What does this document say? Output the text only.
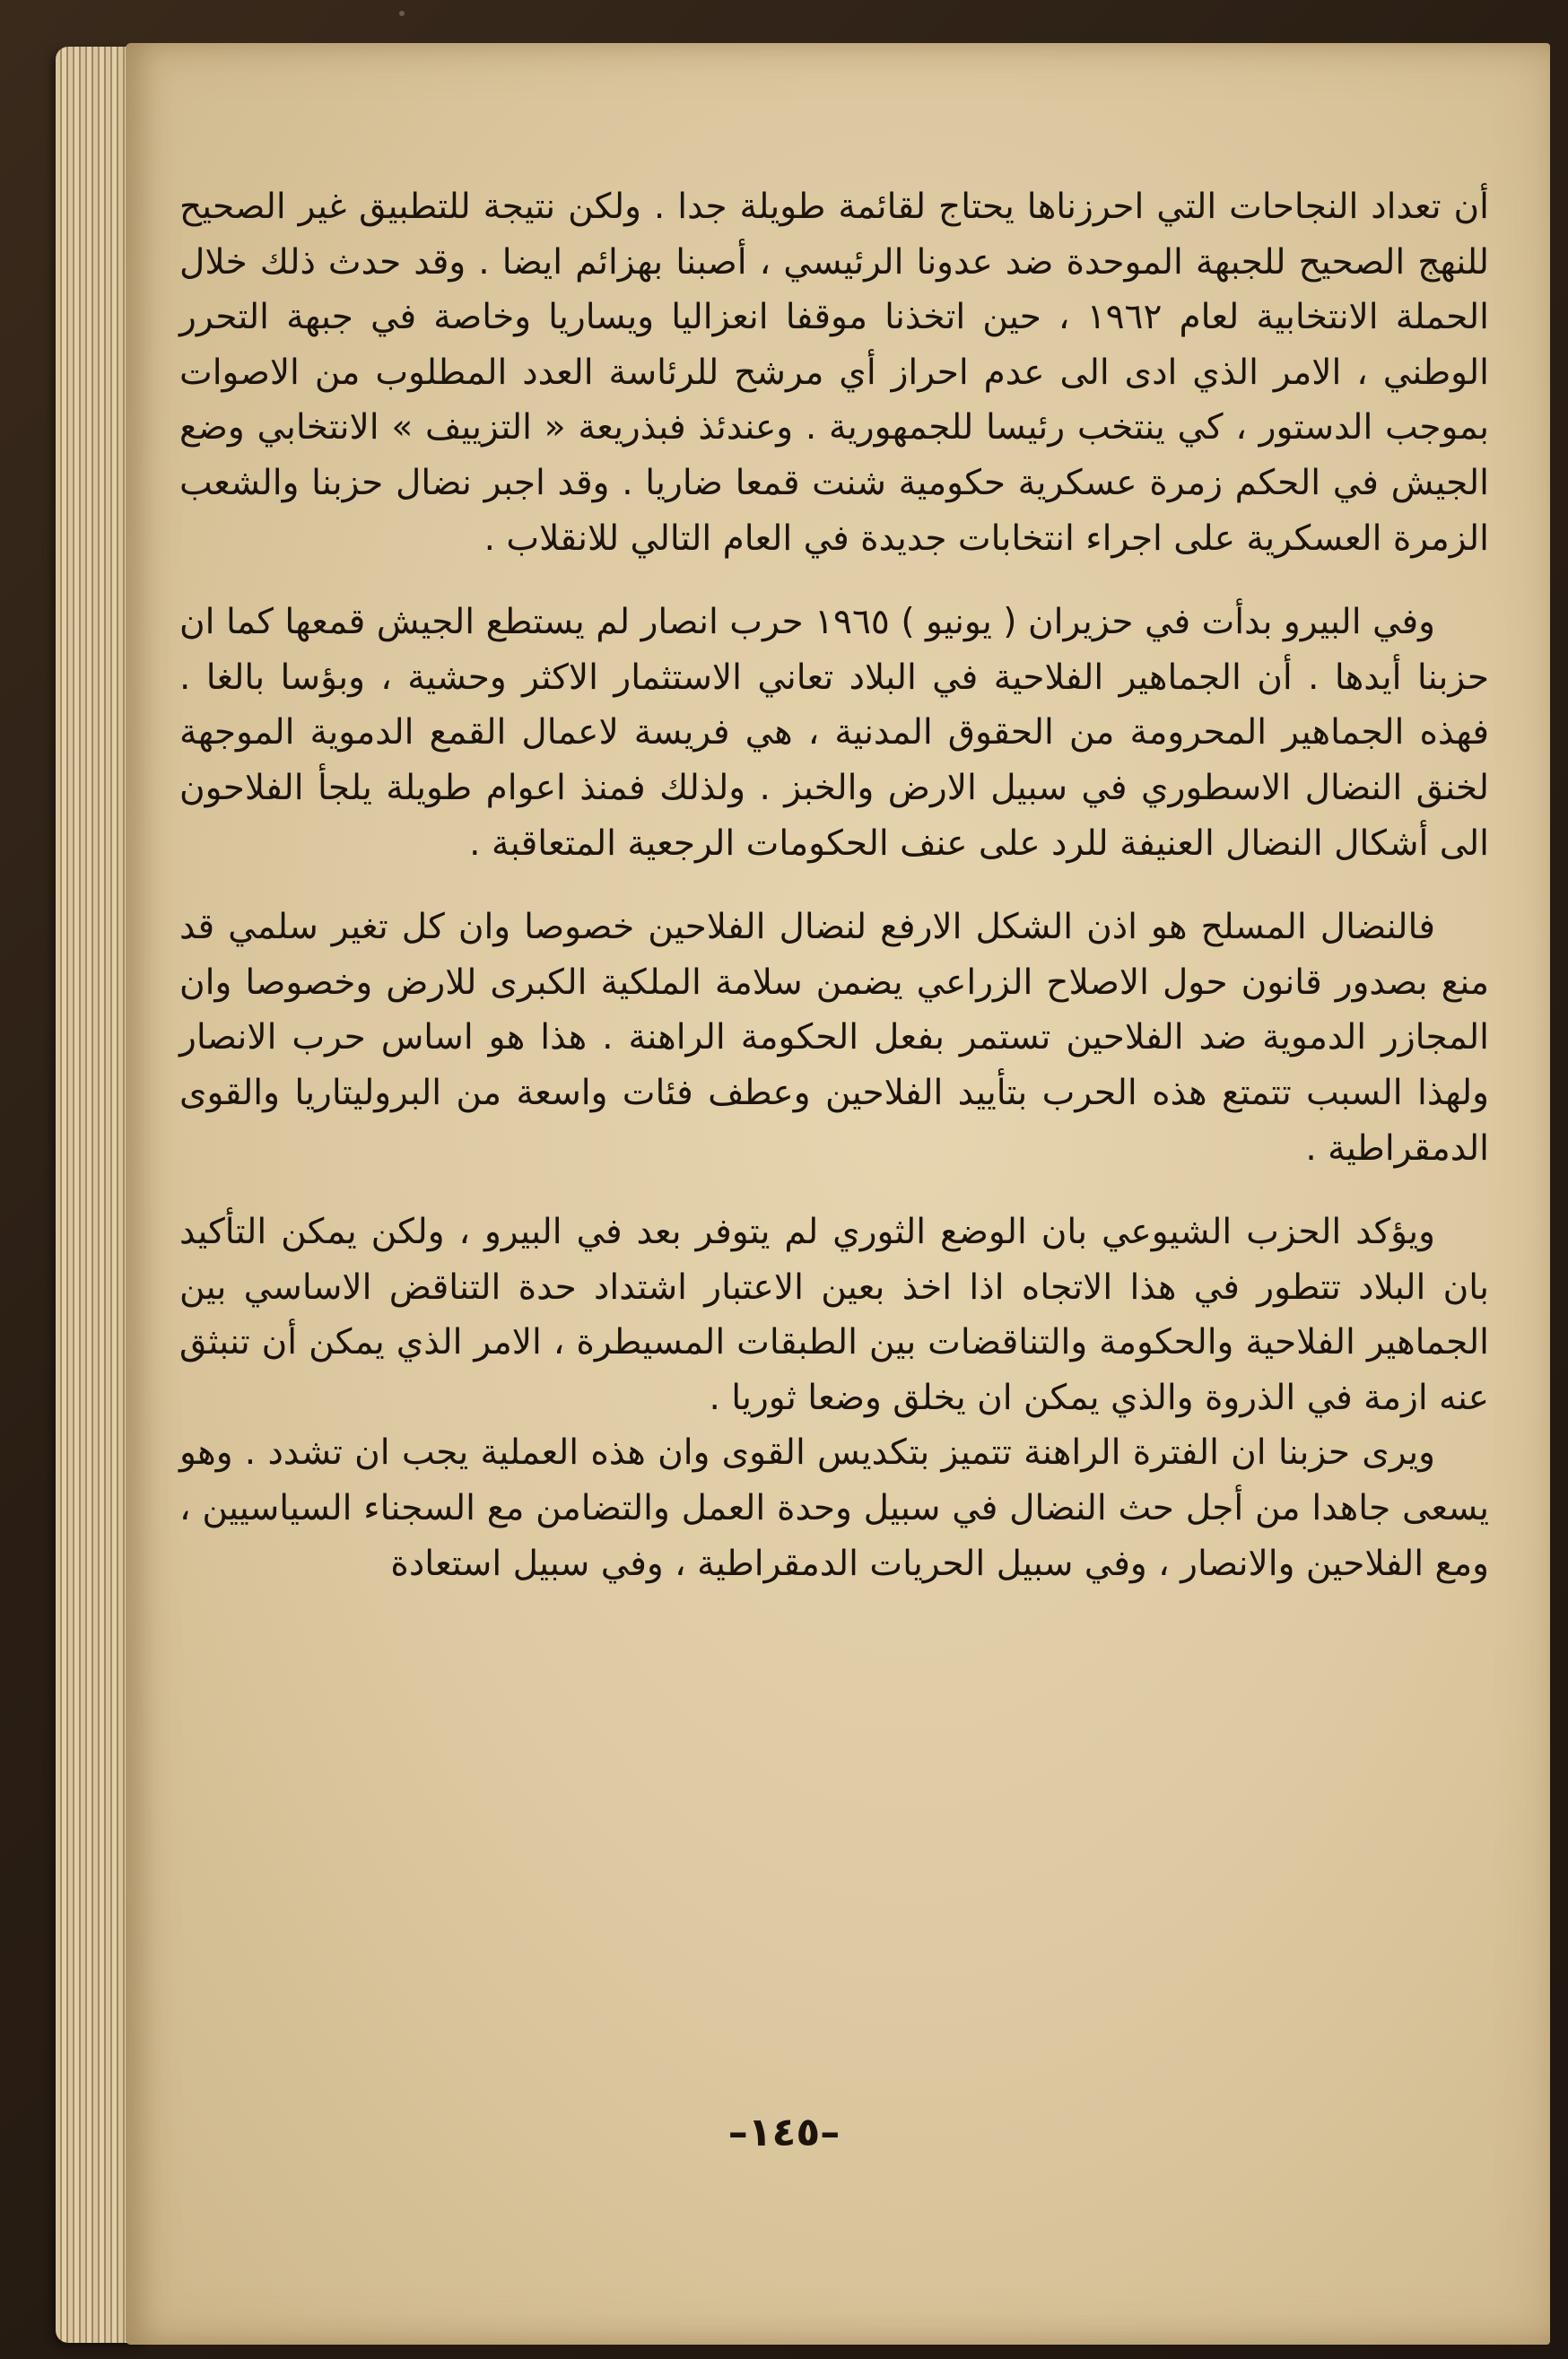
أن تعداد النجاحات التي احرزناها يحتاج لقائمة طويلة جدا . ولكن نتيجة للتطبيق غير الصحيح للنهج الصحيح للجبهة الموحدة ضد عدونا الرئيسي ، أصبنا بهزائم ايضا . وقد حدث ذلك خلال الحملة الانتخابية لعام ١٩٦٢ ، حين اتخذنا موقفا انعزاليا ويساريا وخاصة في جبهة التحرر الوطني ، الامر الذي ادى الى عدم احراز أي مرشح للرئاسة العدد المطلوب من الاصوات بموجب الدستور ، كي ينتخب رئيسا للجمهورية . وعندئذ فبذريعة « التزييف » الانتخابي وضع الجيش في الحكم زمرة عسكرية حكومية شنت قمعا ضاريا . وقد اجبر نضال حزبنا والشعب الزمرة العسكرية على اجراء انتخابات جديدة في العام التالي للانقلاب .

وفي البيرو بدأت في حزيران ( يونيو ) ١٩٦٥ حرب انصار لم يستطع الجيش قمعها كما ان حزبنا أيدها . أن الجماهير الفلاحية في البلاد تعاني الاستثمار الاكثر وحشية ، وبؤسا بالغا . فهذه الجماهير المحرومة من الحقوق المدنية ، هي فريسة لاعمال القمع الدموية الموجهة لخنق النضال الاسطوري في سبيل الارض والخبز . ولذلك فمنذ اعوام طويلة يلجأ الفلاحون الى أشكال النضال العنيفة للرد على عنف الحكومات الرجعية المتعاقبة .

فالنضال المسلح هو اذن الشكل الارفع لنضال الفلاحين خصوصا وان كل تغير سلمي قد منع بصدور قانون حول الاصلاح الزراعي يضمن سلامة الملكية الكبرى للارض وخصوصا وان المجازر الدموية ضد الفلاحين تستمر بفعل الحكومة الراهنة . هذا هو اساس حرب الانصار ولهذا السبب تتمتع هذه الحرب بتأييد الفلاحين وعطف فئات واسعة من البروليتاريا والقوى الدمقراطية .

ويؤكد الحزب الشيوعي بان الوضع الثوري لم يتوفر بعد في البيرو ، ولكن يمكن التأكيد بان البلاد تتطور في هذا الاتجاه اذا اخذ بعين الاعتبار اشتداد حدة التناقض الاساسي بين الجماهير الفلاحية والحكومة والتناقضات بين الطبقات المسيطرة ، الامر الذي يمكن أن تنبثق عنه ازمة في الذروة والذي يمكن ان يخلق وضعا ثوريا .

ويرى حزبنا ان الفترة الراهنة تتميز بتكديس القوى وان هذه العملية يجب ان تشدد . وهو يسعى جاهدا من أجل حث النضال في سبيل وحدة العمل والتضامن مع السجناء السياسيين ، ومع الفلاحين والانصار ، وفي سبيل الحريات الدمقراطية ، وفي سبيل استعادة

–١٤٥–
